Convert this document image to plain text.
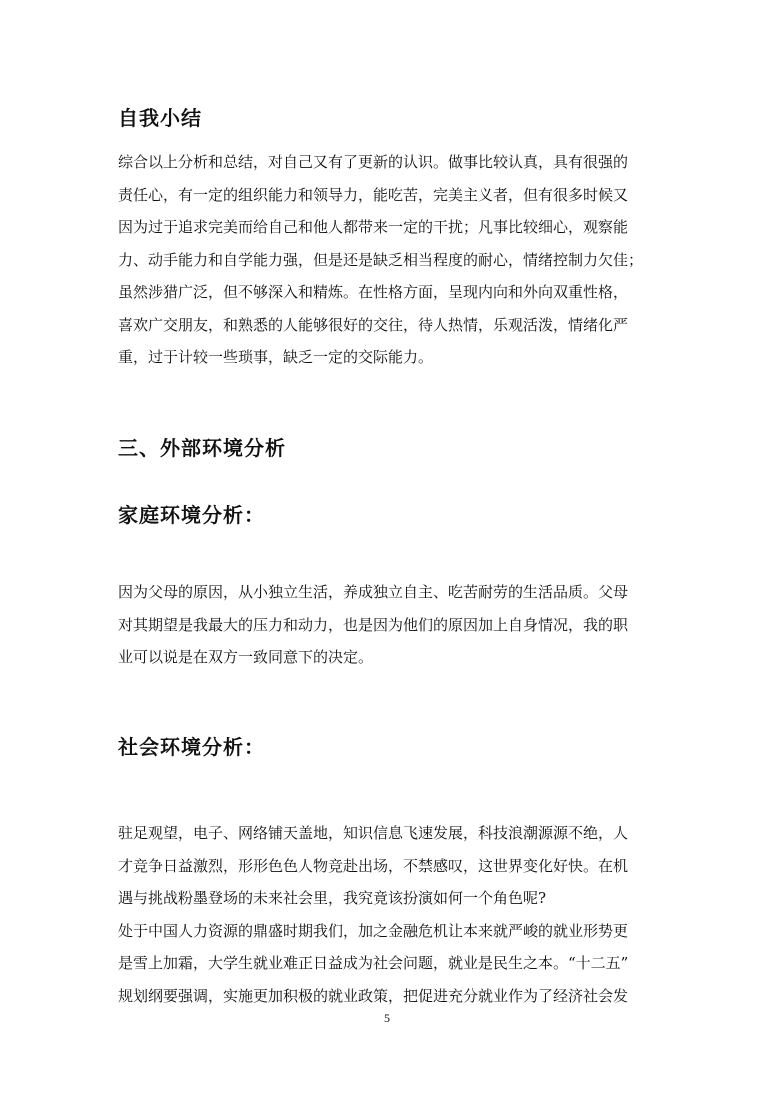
自我小结
综合以上分析和总结，对自己又有了更新的认识。做事比较认真，具有很强的
责任心，有一定的组织能力和领导力，能吃苦，完美主义者，但有很多时候又
因为过于追求完美而给自己和他人都带来一定的干扰；凡事比较细心，观察能
力、动手能力和自学能力强，但是还是缺乏相当程度的耐心，情绪控制力欠佳；
虽然涉猎广泛，但不够深入和精炼。在性格方面，呈现内向和外向双重性格，
喜欢广交朋友，和熟悉的人能够很好的交往，待人热情，乐观活泼，情绪化严
重，过于计较一些琐事，缺乏一定的交际能力。
三、外部环境分析
家庭环境分析：
因为父母的原因，从小独立生活，养成独立自主、吃苦耐劳的生活品质。父母
对其期望是我最大的压力和动力，也是因为他们的原因加上自身情况，我的职
业可以说是在双方一致同意下的决定。
社会环境分析：
驻足观望，电子、网络铺天盖地，知识信息飞速发展，科技浪潮源源不绝，人
才竞争日益激烈，形形色色人物竞赴出场，不禁感叹，这世界变化好快。在机
遇与挑战粉墨登场的未来社会里，我究竟该扮演如何一个角色呢?
处于中国人力资源的鼎盛时期我们，加之金融危机让本来就严峻的就业形势更
是雪上加霜，大学生就业难正日益成为社会问题，就业是民生之本。“十二五”
规划纲要强调，实施更加积极的就业政策，把促进充分就业作为了经济社会发
5
